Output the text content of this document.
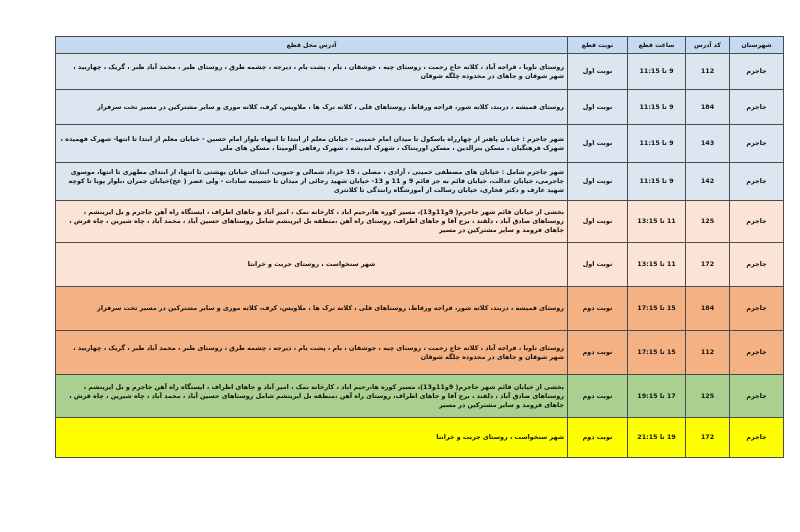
شهرستان	کد آدرس	ساعت قطع	نوبت قطع	آدرس محل قطع
جاجرم	112	9 تا 11:15	نوبت اول	روستای ناوبا ، قراجه آباد ، کلاته حاج رحمت ، روستای چیه ، جوشقان ، بام ، پشت بام ، دیرجه ، چشمه طرق ، روستای طبر ، محمد آباد طبر ، گریک ، چهاربید ، شهر شوقان و جاهای در محدوده چلگه شوقان
جاجرم	184	9 تا 11:15	نوبت اول	روستای قمیشه ، دربند، کلاته شور، قراجه ورقاط، روستاهای قلی ، کلاته ترک ها ، ملاویس، کرف، کلاته موری و سایر مشترکین در مسیر تخت سرفراز
جاجرم	143	9 تا 11:15	نوبت اول	شهر جاجرم : خیابان پاهنر از چهارراه باسکول تا میدان امام خمینی - خیابان معلم از ابتدا تا انتهاء بلوار امام حسین - خیابان معلم از ابتدا تا انتها- شهرک فهمیده ، شهرک فرهنگیان ، مسکن بنرالدین ، مسکن اورینتاک ، شهرک اندیشه ، شهرک رفاهی آلومینا ، مسکن های ملی
جاجرم	142	9 تا 11:15	نوبت اول	شهر جاجرم شامل : خیابان های مصطفی خمینی ، آزادی ، مصلی ، 15 خرداد شمالی و جنوبی، ابتدای خیابان بهشتی تا انتها، از ابتدای مطهری تا انتها، موسوی جاجرمی، خیابان عدالت، خیابان قائم به جز قائم 9 و 11 و 13- خیابان شهید رجائی از میدان تا حسینیه سادات - ولی عصر ( عج)خیابان جمران ،بلوار پویا تا کوچه شهید عارف و دکتر فخاری، خیابان رسالت از آموزشگاه رانندگی تا کلانتری
جاجرم	125	11 تا 13:15	نوبت اول	بخشی از خیابان قائم شهر جاجرم( 9و11و13)، مسیر کوره ها،رحیم اباد ، کارخانه نمک ، امیر آباد و جاهای اطراف ، ایستگاه راه آهن جاجرم و بل ایرینشم ، روستاهای صادق آباد ، دلقند ، برج آقا و جاهای اطراف، روستای راه آهن ،منطقه بل ایرینشم شامل روستاهای حسین آباد ، محمد آباد ، چاه شیرین ، چاه قرش ، جاهای فرومد و سایر مشترکین در مسیر
جاجرم	172	11 تا 13:15	نوبت اول	شهر سنخواست ، روستای جربت و خرانتا
جاجرم	184	15 تا 17:15	نوبت دوم	روستای قمیشه ، دربند، کلاته شور، قراجه ورقاط، روستاهای قلی ، کلاته ترک ها ، ملاویس، کرف، کلاته موری و سایر مشترکین در مسیر تخت سرفراز
جاجرم	112	15 تا 17:15	نوبت دوم	روستای ناوبا ، قراجه آباد ، کلاته حاج رحمت ، روستای چیه ، جوشقان ، بام ، پشت بام ، دیرجه ، چشمه طرق ، روستای طبر ، محمد آباد طبر ، گریک ، چهاربید ، شهر شوقان و جاهای در محدوده چلگه شوقان
جاجرم	125	17 تا 19:15	نوبت دوم	بخشی از خیابان قائم شهر جاجرم( 9و11و13)، مسیر کوره ها،رحیم اباد ، کارخانه نمک ، امیر آباد و جاهای اطراف ، ایستگاه راه آهن جاجرم و بل ایرینشم ، روستاهای صادق آباد ، دلقند ، برج آقا و جاهای اطراف، روستای راه آهن ،منطقه بل ایرینشم شامل روستاهای حسین آباد ، محمد آباد ، چاه شیرین ، چاه قرش ، جاهای فرومد و سایر مشترکین در مسیر
جاجرم	172	19 تا 21:15	نوبت دوم	شهر سنخواست ، روستای جربت و خرانتا
